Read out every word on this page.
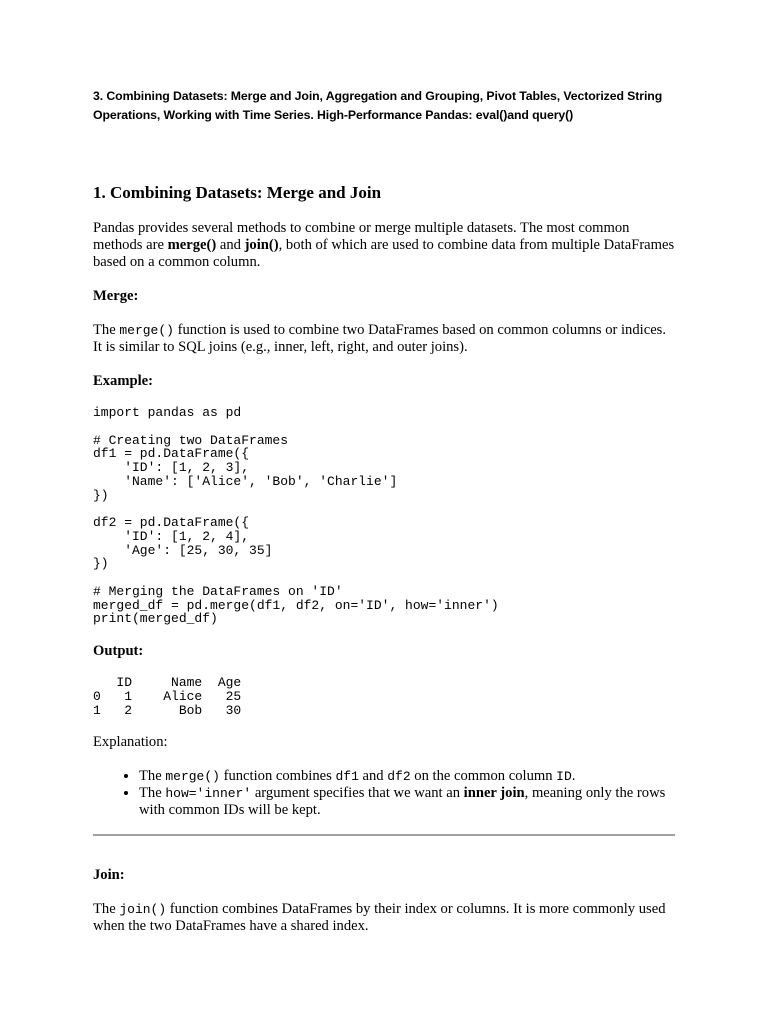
3. Combining Datasets: Merge and Join, Aggregation and Grouping, Pivot Tables, Vectorized String

Operations, Working with Time Series. High-Performance Pandas: eval()and query()

1. Combining Datasets: Merge and Join

Pandas provides several methods to combine or merge multiple datasets. The most common methods are merge() and join(), both of which are used to combine data from multiple DataFrames based on a common column.

Merge:

The merge() function is used to combine two DataFrames based on common columns or indices. It is similar to SQL joins (e.g., inner, left, right, and outer joins).

Example:

import pandas as pd
# Creating two DataFrames
df1 = pd.DataFrame({
'ID': [1, 2, 3],
'Name': ['Alice', 'Bob', 'Charlie']
})
df2 = pd.DataFrame({
'ID': [1, 2, 4],
'Age': [25, 30, 35]
})
# Merging the DataFrames on 'ID'
merged_df = pd.merge(df1, df2, on='ID', how='inner')
print(merged_df)

Output:

ID     Name  Age
0   1    Alice   25
1   2      Bob   30

Explanation:

• The merge() function combines df1 and df2 on the common column ID.
• The how='inner' argument specifies that we want an inner join, meaning only the rows with common IDs will be kept.

Join:

The join() function combines DataFrames by their index or columns. It is more commonly used when the two DataFrames have a shared index.
